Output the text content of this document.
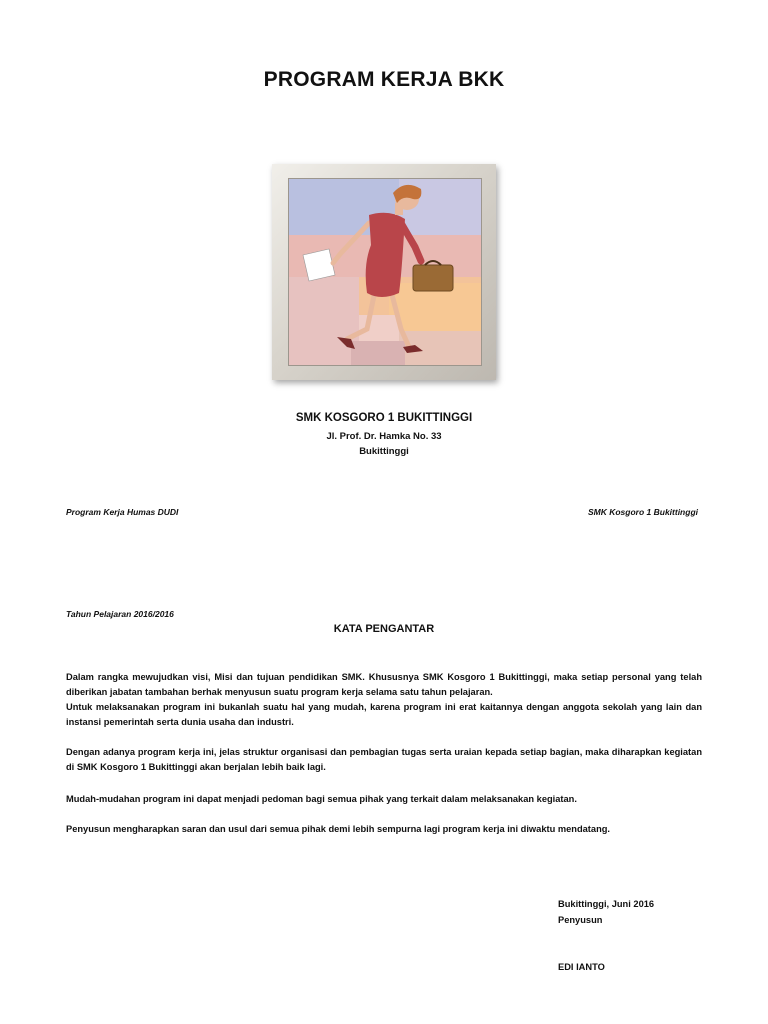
PROGRAM KERJA BKK
SMK KOSGORO 1 BUKITTINGGI
Jl. Prof. Dr. Hamka No. 33
Bukittinggi
Program Kerja Humas DUDI	SMK Kosgoro 1 Bukittinggi
Tahun Pelajaran 2016/2016
KATA PENGANTAR
Dalam rangka mewujudkan visi, Misi dan tujuan pendidikan SMK. Khususnya SMK Kosgoro 1 Bukittinggi, maka setiap personal yang telah diberikan jabatan tambahan berhak menyusun suatu program kerja selama satu tahun pelajaran.
Untuk melaksanakan program ini bukanlah suatu hal yang mudah, karena program ini erat kaitannya dengan anggota sekolah yang lain dan instansi pemerintah serta dunia usaha dan industri.
Dengan adanya program kerja ini, jelas struktur organisasi dan pembagian tugas serta uraian kepada setiap bagian, maka diharapkan kegiatan di SMK Kosgoro 1 Bukittinggi akan berjalan lebih baik lagi.
Mudah-mudahan program ini dapat menjadi pedoman bagi semua pihak yang terkait dalam melaksanakan kegiatan.
Penyusun mengharapkan saran dan usul dari semua pihak demi lebih sempurna lagi program kerja ini diwaktu mendatang.
Bukittinggi, Juni 2016
Penyusun
EDI IANTO
